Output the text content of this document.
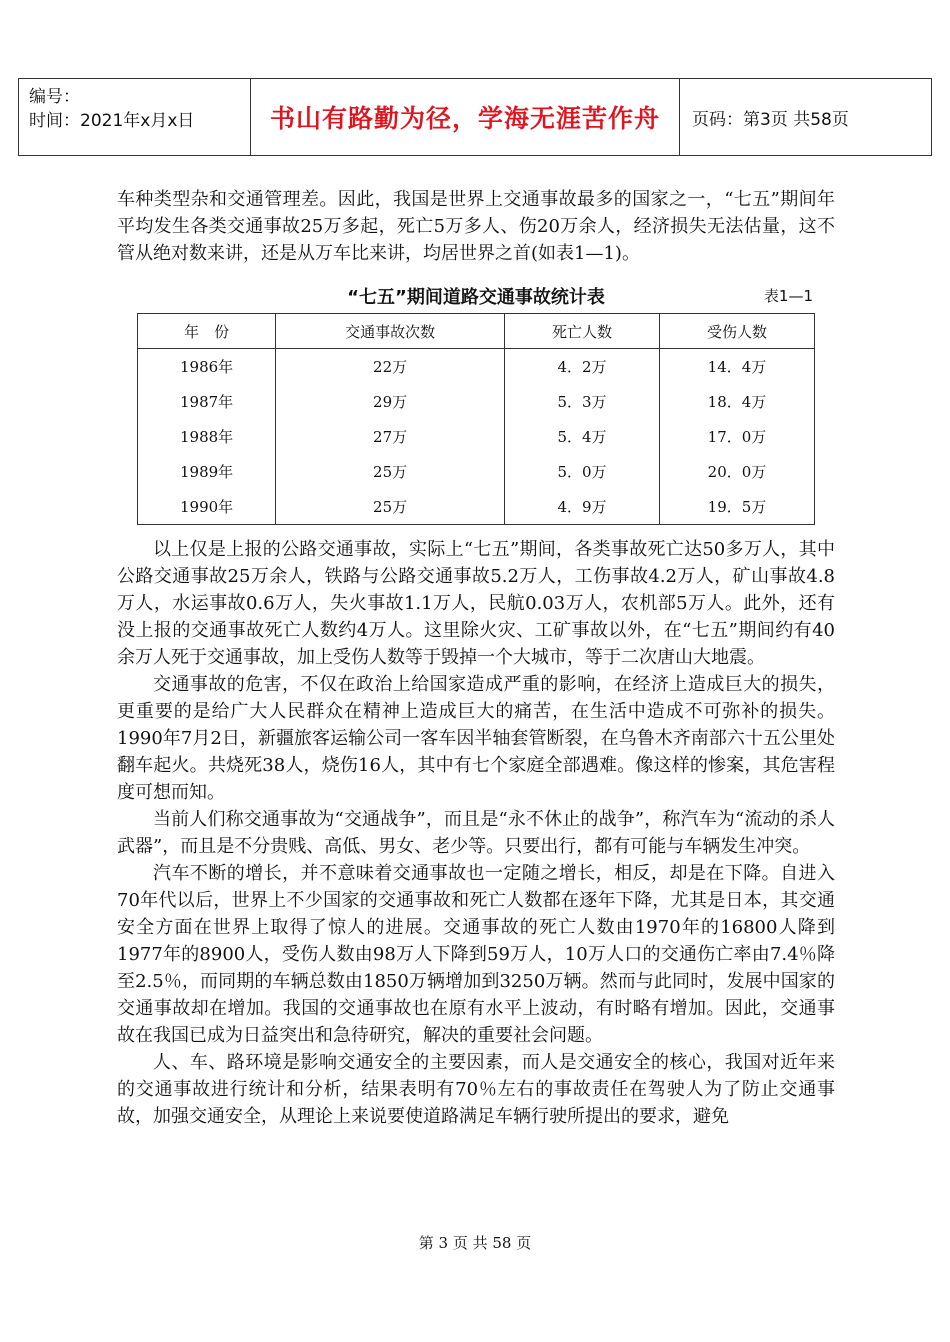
编号：
时间：2021年x月x日	书山有路勤为径，学海无涯苦作舟	页码：第3页 共58页

车种类型杂和交通管理差。因此，我国是世界上交通事故最多的国家之一，“七五”期间年平均发生各类交通事故25万多起，死亡5万多人、伤20万余人，经济损失无法估量，这不管从绝对数来讲，还是从万车比来讲，均居世界之首(如表1—1)。

“七五”期间道路交通事故统计表	表1—1
年　份	交通事故次数	死亡人数	受伤人数
1986年	22万	4．2万	14．4万
1987年	29万	5．3万	18．4万
1988年	27万	5．4万	17．0万
1989年	25万	5．0万	20．0万
1990年	25万	4．9万	19．5万

以上仅是上报的公路交通事故，实际上“七五”期间，各类事故死亡达50多万人，其中公路交通事故25万余人，铁路与公路交通事故5.2万人，工伤事故4.2万人，矿山事故4.8万人，水运事故0.6万人，失火事故1.1万人，民航0.03万人，农机部5万人。此外，还有没上报的交通事故死亡人数约4万人。这里除火灾、工矿事故以外，在“七五”期间约有40余万人死于交通事故，加上受伤人数等于毁掉一个大城市，等于二次唐山大地震。

交通事故的危害，不仅在政治上给国家造成严重的影响，在经济上造成巨大的损失，更重要的是给广大人民群众在精神上造成巨大的痛苦，在生活中造成不可弥补的损失。1990年7月2日，新疆旅客运输公司一客车因半轴套管断裂，在乌鲁木齐南部六十五公里处翻车起火。共烧死38人，烧伤16人，其中有七个家庭全部遇难。像这样的惨案，其危害程度可想而知。

当前人们称交通事故为“交通战争”，而且是“永不休止的战争”，称汽车为“流动的杀人武器”，而且是不分贵贱、高低、男女、老少等。只要出行，都有可能与车辆发生冲突。

汽车不断的增长，并不意味着交通事故也一定随之增长，相反，却是在下降。自进入70年代以后，世界上不少国家的交通事故和死亡人数都在逐年下降，尤其是日本，其交通安全方面在世界上取得了惊人的进展。交通事故的死亡人数由1970年的16800人降到1977年的8900人，受伤人数由98万人下降到59万人，10万人口的交通伤亡率由7.4％降至2.5％，而同期的车辆总数由1850万辆增加到3250万辆。然而与此同时，发展中国家的交通事故却在增加。我国的交通事故也在原有水平上波动，有时略有增加。因此，交通事故在我国已成为日益突出和急待研究，解决的重要社会问题。

人、车、路环境是影响交通安全的主要因素，而人是交通安全的核心，我国对近年来的交通事故进行统计和分析，结果表明有70％左右的事故责任在驾驶人为了防止交通事故，加强交通安全，从理论上来说要使道路满足车辆行驶所提出的要求，避免

第 3 页 共 58 页
